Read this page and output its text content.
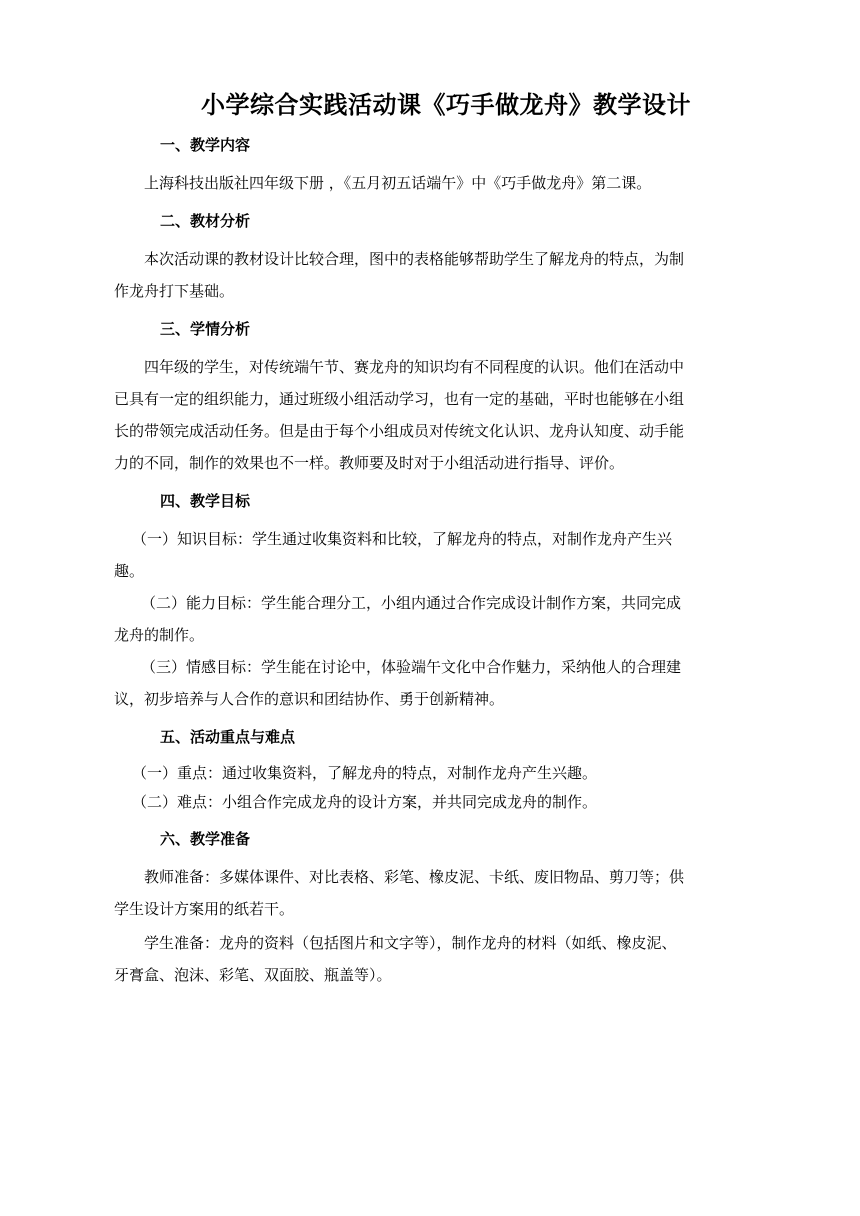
小学综合实践活动课《巧手做龙舟》教学设计
一、教学内容

上海科技出版社四年级下册 ，《五月初五话端午》中《巧手做龙舟》第二课。

二、教材分析
本次活动课的教材设计比较合理，图中的表格能够帮助学生了解龙舟的特点，为制
作龙舟打下基础。
三、学情分析
四年级的学生，对传统端午节、赛龙舟的知识均有不同程度的认识。他们在活动中
已具有一定的组织能力，通过班级小组活动学习，也有一定的基础，平时也能够在小组
长的带领完成活动任务。但是由于每个小组成员对传统文化认识、龙舟认知度、动手能
力的不同，制作的效果也不一样。教师要及时对于小组活动进行指导、评价。
四、教学目标
（一）知识目标：学生通过收集资料和比较，了解龙舟的特点，对制作龙舟产生兴
趣。
（二）能力目标：学生能合理分工，小组内通过合作完成设计制作方案，共同完成
龙舟的制作。
（三）情感目标：学生能在讨论中，体验端午文化中合作魅力，采纳他人的合理建
议，初步培养与人合作的意识和团结协作、勇于创新精神。
五、活动重点与难点
（一）重点：通过收集资料，了解龙舟的特点，对制作龙舟产生兴趣。
（二）难点：小组合作完成龙舟的设计方案，并共同完成龙舟的制作。
六、教学准备
教师准备：多媒体课件、对比表格、彩笔、橡皮泥、卡纸、废旧物品、剪刀等；供
学生设计方案用的纸若干。
学生准备：龙舟的资料（包括图片和文字等），制作龙舟的材料（如纸、橡皮泥、
牙膏盒、泡沫、彩笔、双面胶、瓶盖等）。
